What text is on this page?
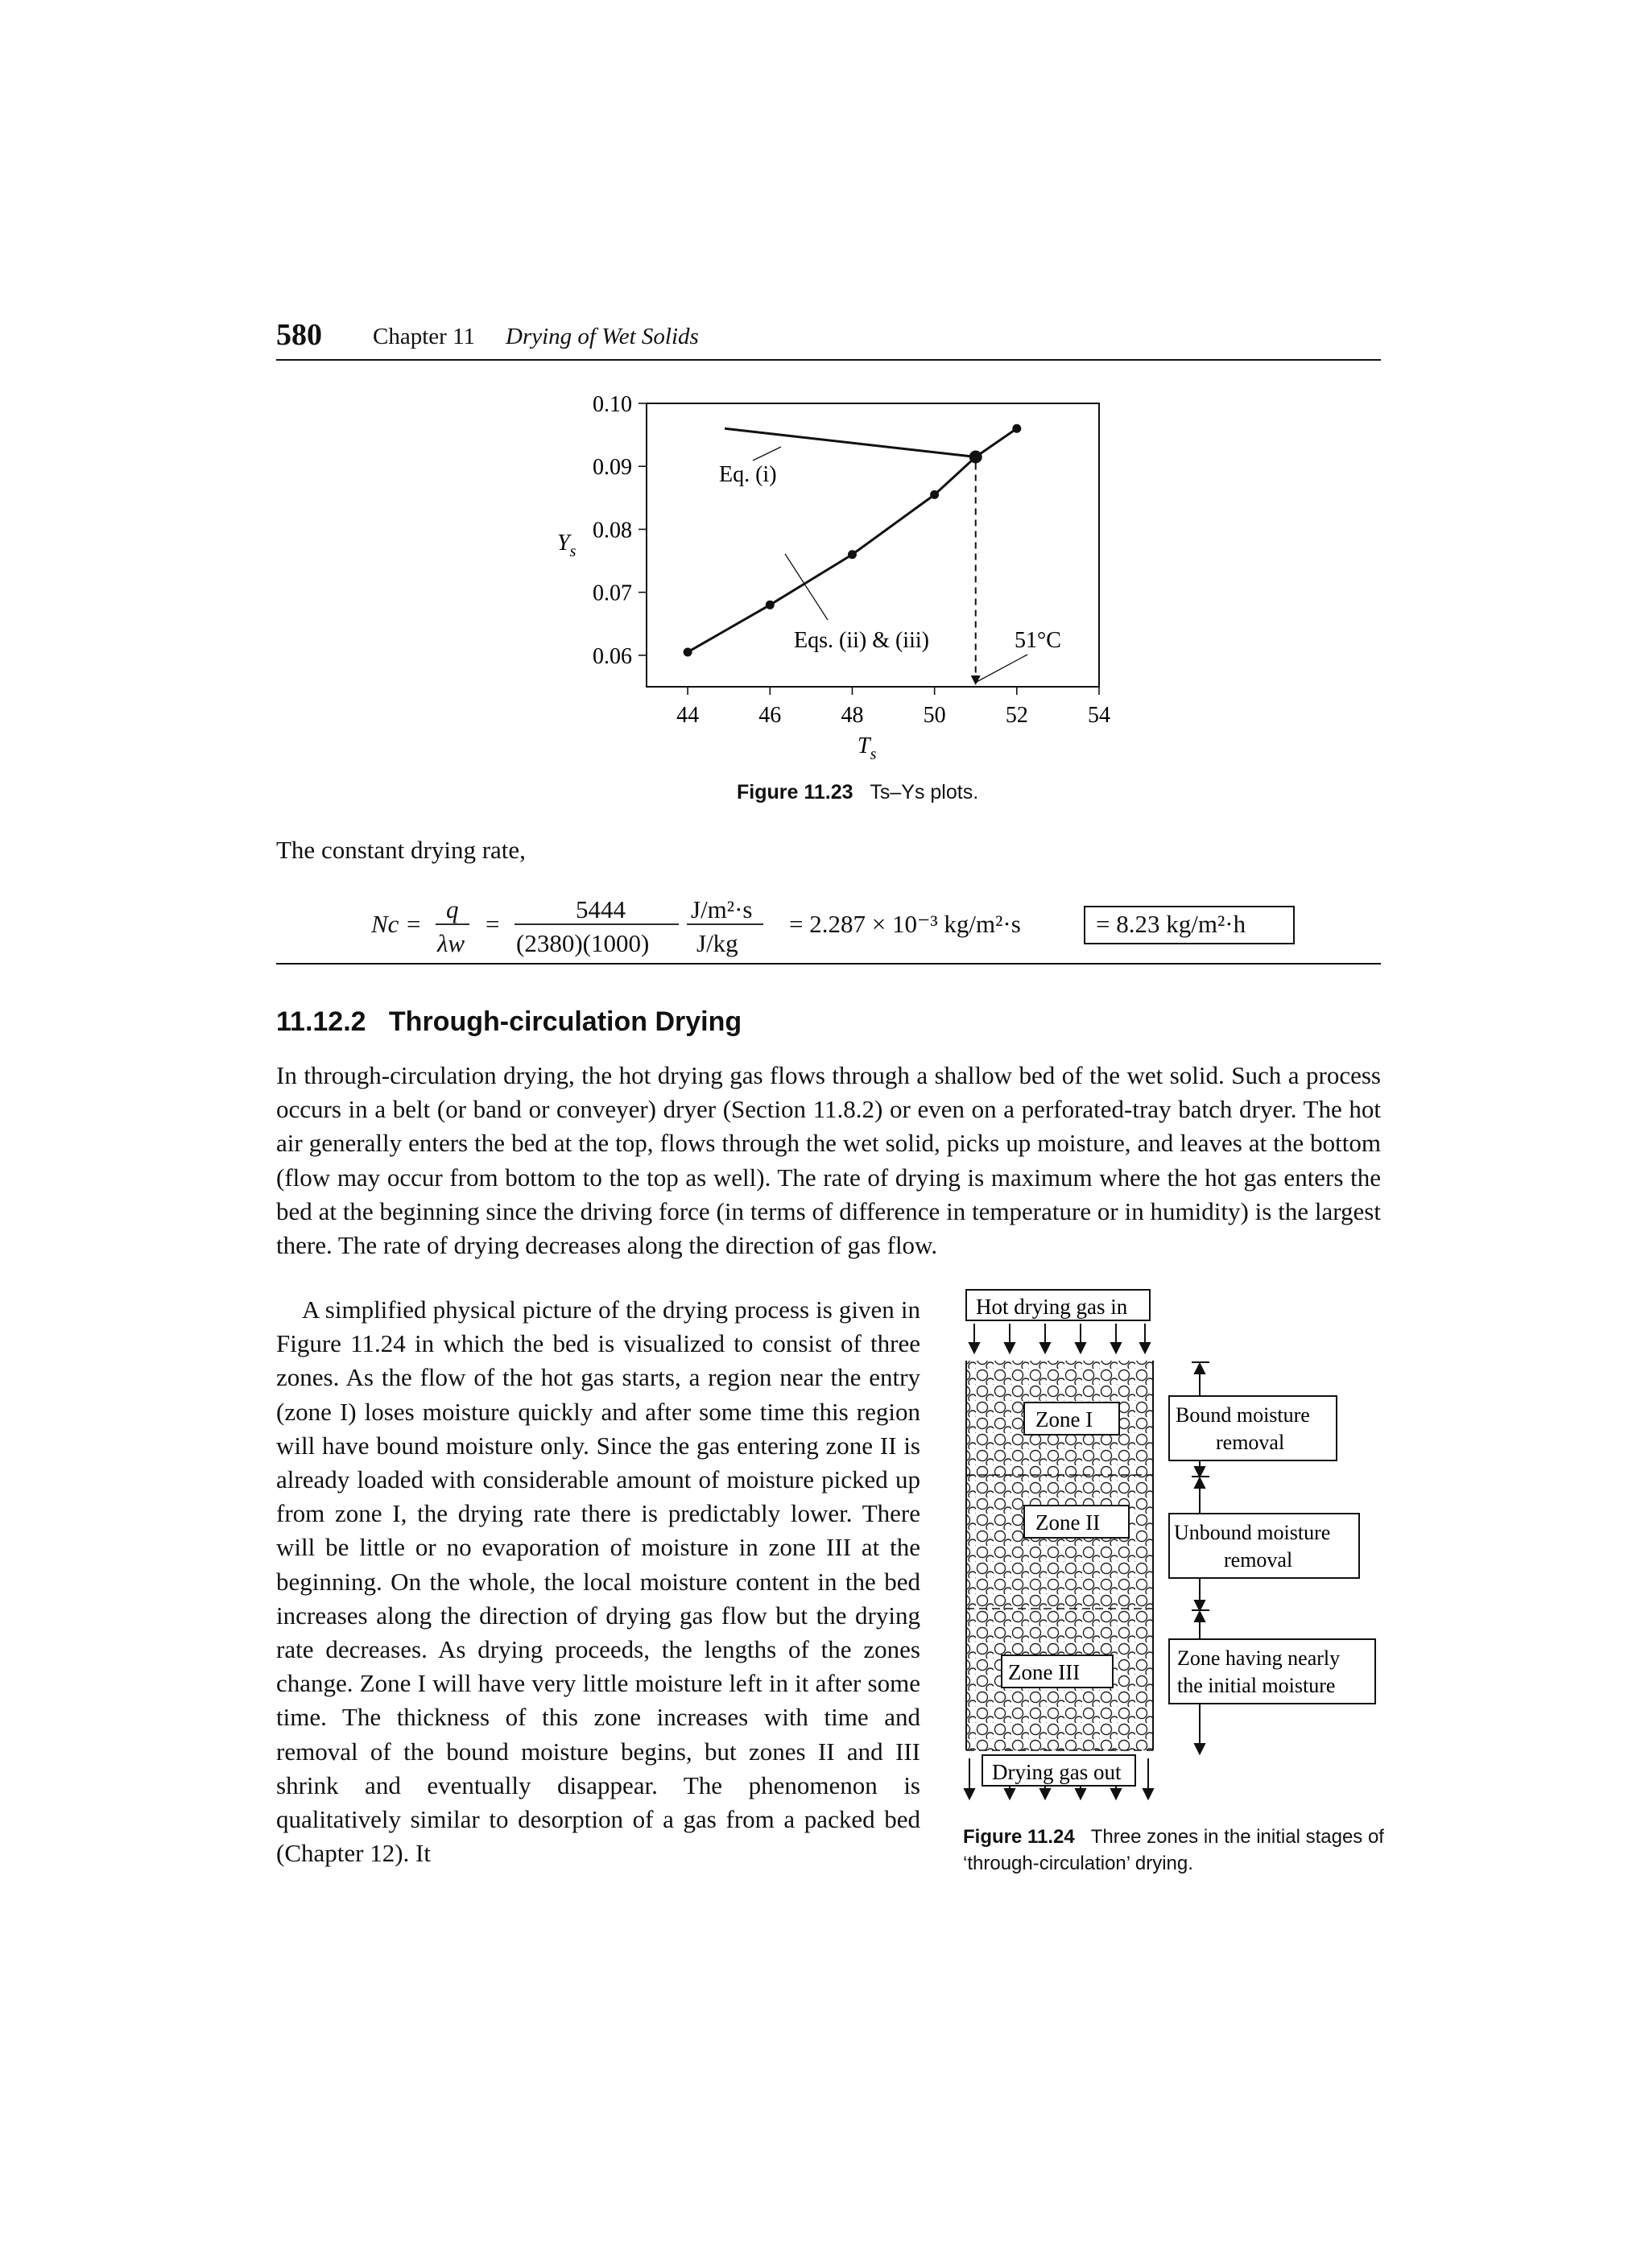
580 Chapter 11 Drying of Wet Solids
44	46	48	50	52	54
0.06
0.07
0.08
0.09
0.10
$Y_s$
$T_s$
Eq. (i)
Eqs. (ii) & (iii)	51°C
Figure 11.23 Ts–Ys plots.
The constant drying rate,
Nc =
q
λw
=
5444
(2380)(1000)
J/m²·s
J/kg
= 2.287 × 10⁻³ kg/m²·s	= 8.23 kg/m²·h
11.12.2 Through-circulation Drying
In through-circulation drying, the hot drying gas flows through a shallow bed of the wet solid. Such a process occurs in a belt (or band or conveyer) dryer (Section 11.8.2) or even on a perforated-tray batch dryer. The hot air generally enters the bed at the top, flows through the wet solid, picks up moisture, and leaves at the bottom (flow may occur from bottom to the top as well). The rate of drying is maximum where the hot gas enters the bed at the beginning since the driving force (in terms of difference in temperature or in humidity) is the largest there. The rate of drying decreases along the direction of gas flow.
A simplified physical picture of the drying process is given in Figure 11.24 in which the bed is visualized to consist of three zones. As the flow of the hot gas starts, a region near the entry (zone I) loses moisture quickly and after some time this region will have bound moisture only. Since the gas entering zone II is already loaded with considerable amount of moisture picked up from zone I, the drying rate there is predictably lower. There will be little or no evaporation of moisture in zone III at the beginning. On the whole, the local moisture content in the bed increases along the direction of drying gas flow but the drying rate decreases. As drying proceeds, the lengths of the zones change. Zone I will have very little moisture left in it after some time. The thickness of this zone increases with time and removal of the bound moisture begins, but zones II and III shrink and eventually disappear. The phenomenon is qualitatively similar to desorption of a gas from a packed bed (Chapter 12). It
Hot drying gas in
Zone I
Zone II
Zone III
Drying gas out
Bound moisture
removal
Unbound moisture
removal
Zone having nearly
the initial moisture
Figure 11.24 Three zones in the initial stages of ‘through-circulation’ drying.
